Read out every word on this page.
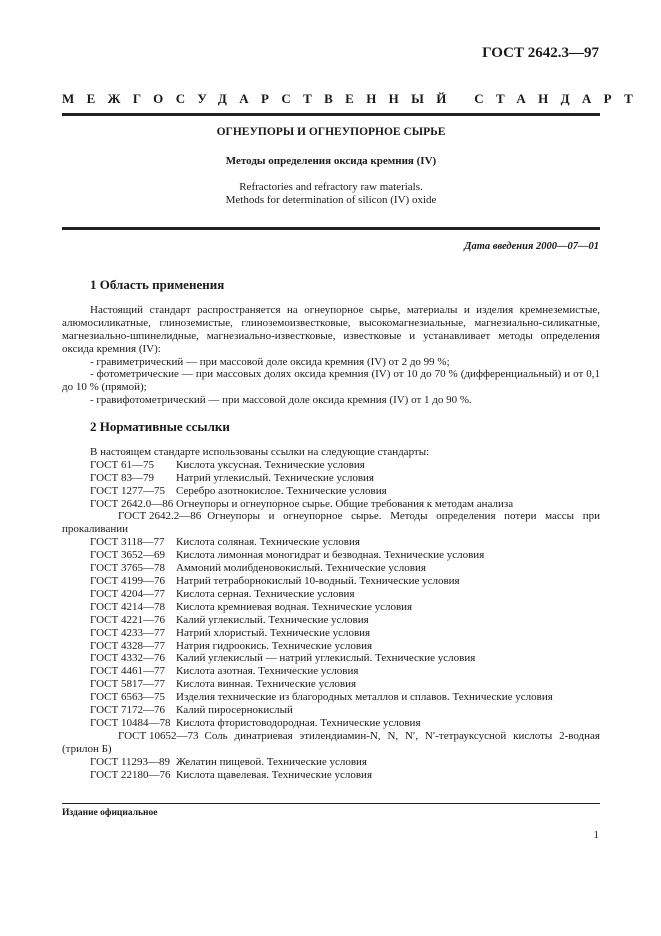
ГОСТ 2642.3—97
МЕЖГОСУДАРСТВЕННЫЙ СТАНДАРТ
ОГНЕУПОРЫ И ОГНЕУПОРНОЕ СЫРЬЕ
Методы определения оксида кремния (IV)
Refractories and refractory raw materials.
Methods for determination of silicon (IV) oxide
Дата введения 2000—07—01
1 Область применения

Настоящий стандарт распространяется на огнеупорное сырье, материалы и изделия кремнеземистые, алюмосиликатные, глиноземистые, глиноземоизвестковые, высокомагнезиальные, магнезиально-силикатные, магнезиально-шпинелидные, магнезиально-известковые, известковые и устанавливает методы определения оксида кремния (IV):

- гравиметрический — при массовой доле оксида кремния (IV) от 2 до 99 %;

- фотометрические — при массовых долях оксида кремния (IV) от 10 до 70 % (дифференциальный) и от 0,1 до 10 % (прямой);

- гравифотометрический — при массовой доле оксида кремния (IV) от 1 до 90 %.

2 Нормативные ссылки
В настоящем стандарте использованы ссылки на следующие стандарты:
ГОСТ 61—75 Кислота уксусная. Технические условия
ГОСТ 83—79 Натрий углекислый. Технические условия
ГОСТ 1277—75 Серебро азотнокислое. Технические условия
ГОСТ 2642.0—86 Огнеупоры и огнеупорное сырье. Общие требования к методам анализа
ГОСТ 2642.2—86 Огнеупоры и огнеупорное сырье. Методы определения потери массы при прокаливании
ГОСТ 3118—77 Кислота соляная. Технические условия
ГОСТ 3652—69 Кислота лимонная моногидрат и безводная. Технические условия
ГОСТ 3765—78 Аммоний молибденовокислый. Технические условия
ГОСТ 4199—76 Натрий тетраборнокислый 10-водный. Технические условия
ГОСТ 4204—77 Кислота серная. Технические условия
ГОСТ 4214—78 Кислота кремниевая водная. Технические условия
ГОСТ 4221—76 Калий углекислый. Технические условия
ГОСТ 4233—77 Натрий хлористый. Технические условия
ГОСТ 4328—77 Натрия гидроокись. Технические условия
ГОСТ 4332—76 Калий углекислый — натрий углекислый. Технические условия
ГОСТ 4461—77 Кислота азотная. Технические условия
ГОСТ 5817—77 Кислота винная. Технические условия
ГОСТ 6563—75 Изделия технические из благородных металлов и сплавов. Технические условия
ГОСТ 7172—76 Калий пиросернокислый
ГОСТ 10484—78 Кислота фтористоводородная. Технические условия
ГОСТ 10652—73 Соль динатриевая этилендиамин-N, N, N′, N′-тетрауксусной кислоты 2-водная (трилон Б)
ГОСТ 11293—89 Желатин пищевой. Технические условия
ГОСТ 22180—76 Кислота щавелевая. Технические условия
Издание официальное
1
